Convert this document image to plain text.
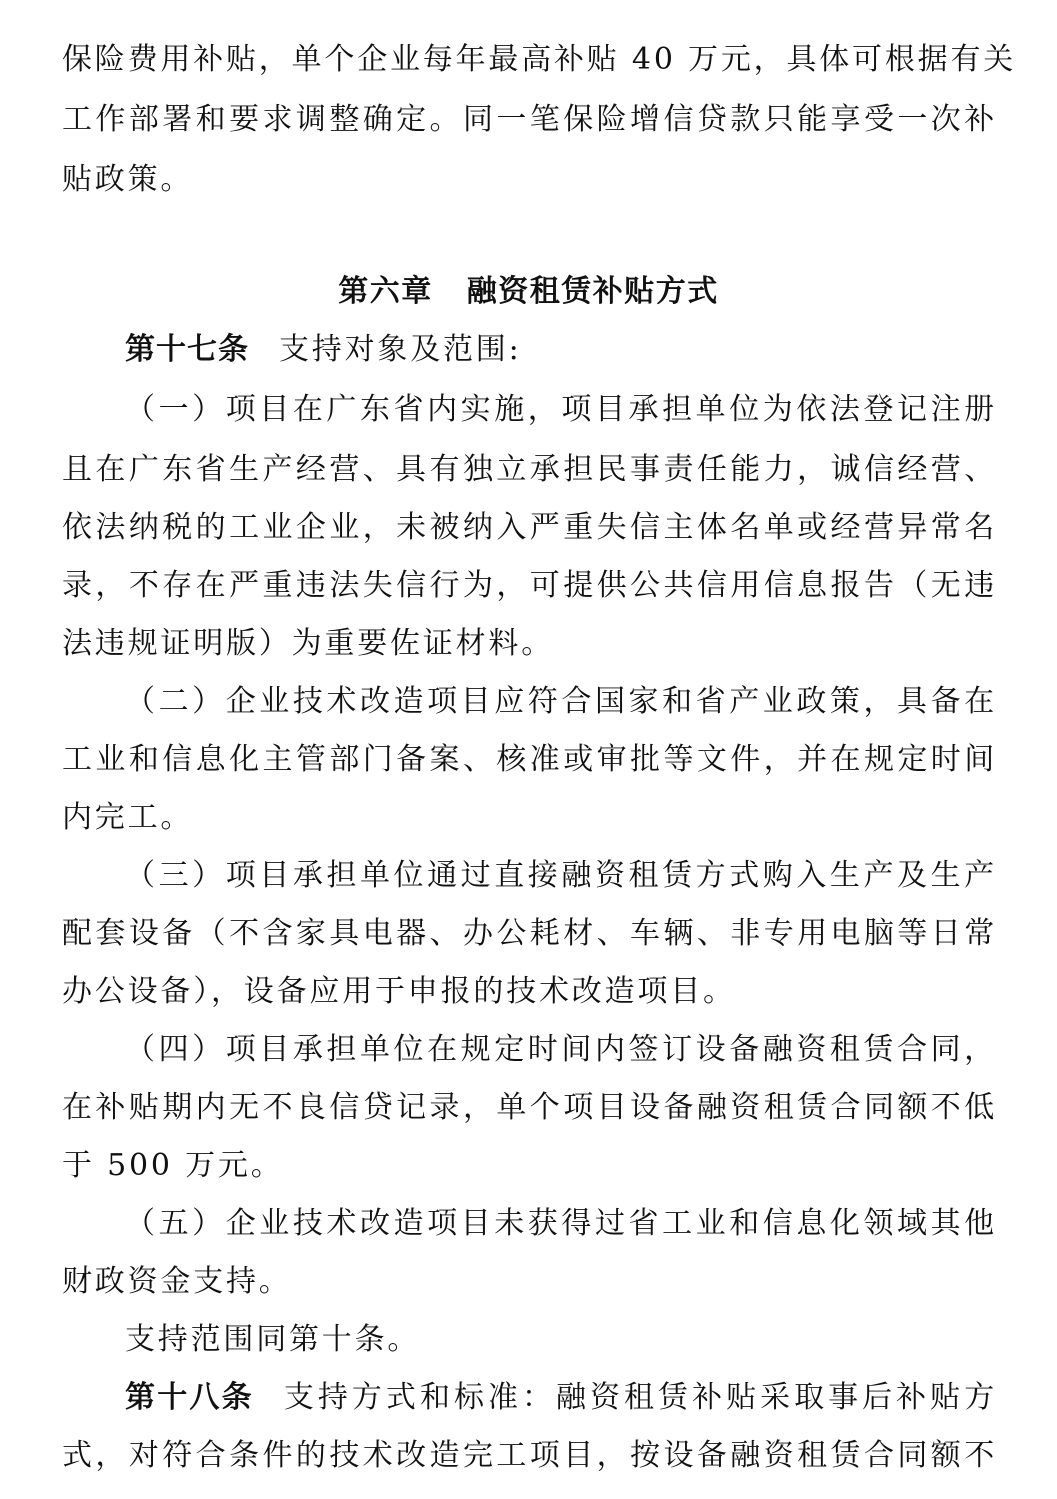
保险费用补贴，单个企业每年最高补贴 40 万元，具体可根据有关
工作部署和要求调整确定。同一笔保险增信贷款只能享受一次补
贴政策。
第六章 融资租赁补贴方式
第十七条 支持对象及范围:
（一）项目在广东省内实施，项目承担单位为依法登记注册
且在广东省生产经营、具有独立承担民事责任能力，诚信经营、
依法纳税的工业企业，未被纳入严重失信主体名单或经营异常名
录，不存在严重违法失信行为，可提供公共信用信息报告（无违
法违规证明版）为重要佐证材料。
（二）企业技术改造项目应符合国家和省产业政策，具备在
工业和信息化主管部门备案、核准或审批等文件，并在规定时间
内完工。
（三）项目承担单位通过直接融资租赁方式购入生产及生产
配套设备（不含家具电器、办公耗材、车辆、非专用电脑等日常
办公设备），设备应用于申报的技术改造项目。
（四）项目承担单位在规定时间内签订设备融资租赁合同，
在补贴期内无不良信贷记录，单个项目设备融资租赁合同额不低
于 500 万元。
（五）企业技术改造项目未获得过省工业和信息化领域其他
财政资金支持。
支持范围同第十条。
第十八条 支持方式和标准：融资租赁补贴采取事后补贴方
式，对符合条件的技术改造完工项目，按设备融资租赁合同额不
